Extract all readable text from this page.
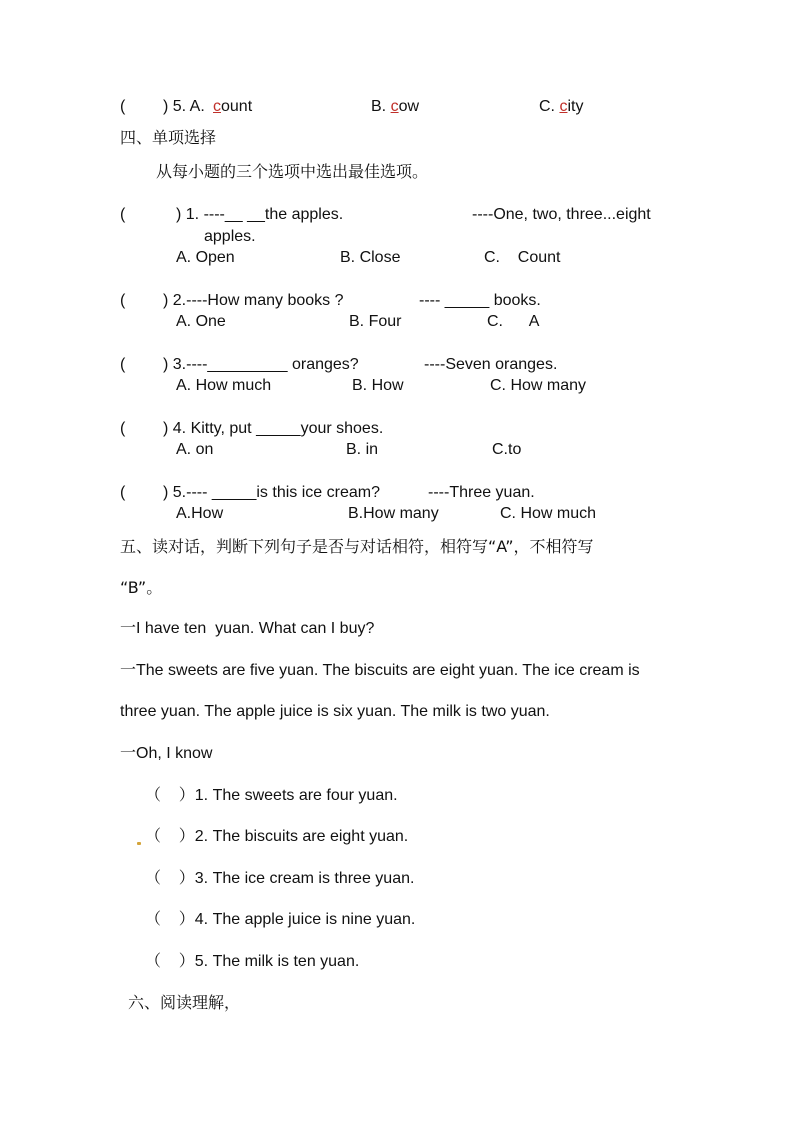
( ) 5. A. count	B. cow	C. city
四、单项选择
从每小题的三个选项中选出最佳选项。
(	) 1. ----__ __the apples.	----One, two, three...eight
apples.
A. Open	B. Close	C.    Count
( ) 2.----How many books ?	---- _____ books.
A. One	B. Four	C.      A
( ) 3.----_________ oranges?	----Seven oranges.
A. How much	B. How	C. How many
( ) 4. Kitty, put _____your shoes.
A. on	B. in	C.to
( ) 5.---- _____is this ice cream?	----Three yuan.
A.How	B.How many	C. How much
五、读对话，判断下列句子是否与对话相符，相符写“A”，不相符写
“B”。
一I have ten  yuan. What can I buy?
一The sweets are five yuan. The biscuits are eight yuan. The ice cream is
three yuan. The apple juice is six yuan. The milk is two yuan.
一Oh, I know
（    ）1. The sweets are four yuan.
（    ）2. The biscuits are eight yuan.
（    ）3. The ice cream is three yuan.
（    ）4. The apple juice is nine yuan.
（    ）5. The milk is ten yuan.
六、阅读理解，
